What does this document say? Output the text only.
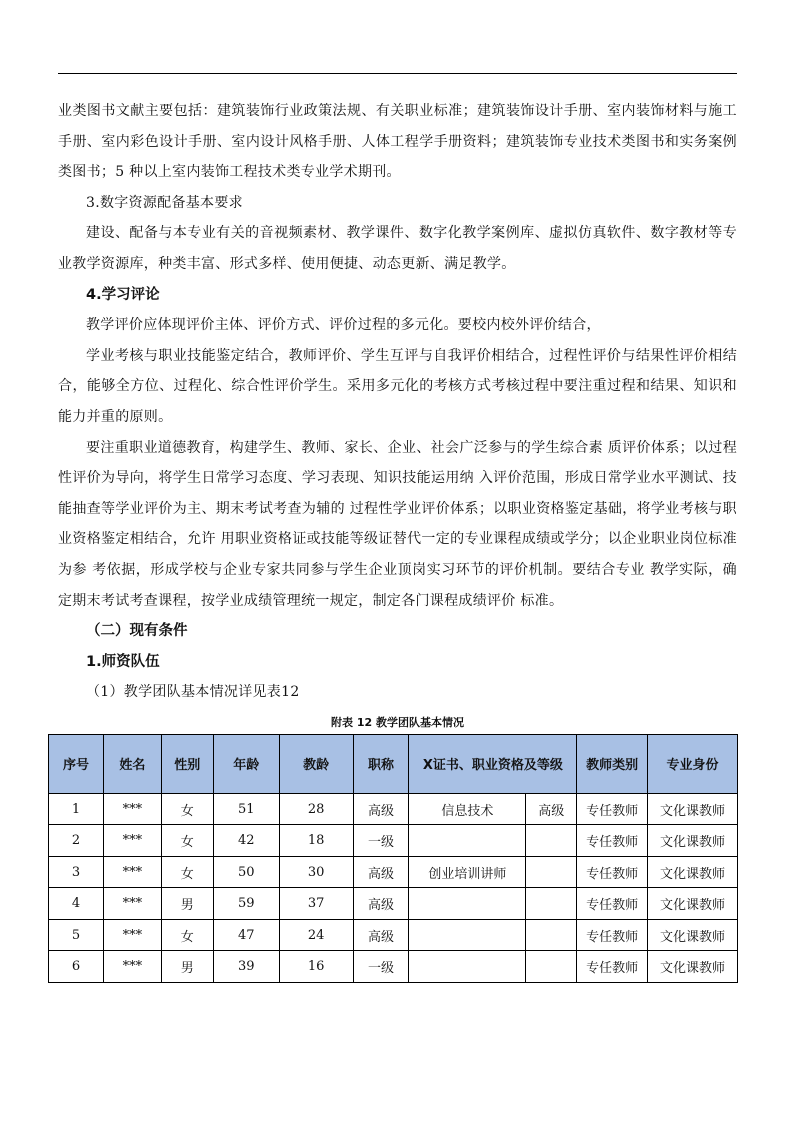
业类图书文献主要包括：建筑装饰行业政策法规、有关职业标准；建筑装饰设计手册、室内装饰材料与施工手册、室内彩色设计手册、室内设计风格手册、人体工程学手册资料；建筑装饰专业技术类图书和实务案例类图书；5 种以上室内装饰工程技术类专业学术期刊。

3.数字资源配备基本要求

建设、配备与本专业有关的音视频素材、教学课件、数字化教学案例库、虚拟仿真软件、数字教材等专业教学资源库，种类丰富、形式多样、使用便捷、动态更新、满足教学。

4.学习评论

教学评价应体现评价主体、评价方式、评价过程的多元化。要校内校外评价结合，

学业考核与职业技能鉴定结合，教师评价、学生互评与自我评价相结合，过程性评价与结果性评价相结合，能够全方位、过程化、综合性评价学生。采用多元化的考核方式考核过程中要注重过程和结果、知识和能力并重的原则。

要注重职业道德教育，构建学生、教师、家长、企业、社会广泛参与的学生综合素 质评价体系；以过程性评价为导向，将学生日常学习态度、学习表现、知识技能运用纳 入评价范围，形成日常学业水平测试、技能抽查等学业评价为主、期末考试考查为辅的 过程性学业评价体系；以职业资格鉴定基础，将学业考核与职业资格鉴定相结合，允许 用职业资格证或技能等级证替代一定的专业课程成绩或学分；以企业职业岗位标准为参 考依据，形成学校与企业专家共同参与学生企业顶岗实习环节的评价机制。要结合专业 教学实际，确定期末考试考查课程，按学业成绩管理统一规定，制定各门课程成绩评价 标准。

（二）现有条件

1.师资队伍

（1）教学团队基本情况详见表12

附表 12 教学团队基本情况
序号	姓名	性别	年龄	教龄	职称	X证书、职业资格及等级		教师类别	专业身份
1	***	女	51	28	高级	信息技术	高级	专任教师	文化课教师
2	***	女	42	18	一级			专任教师	文化课教师
3	***	女	50	30	高级	创业培训讲师		专任教师	文化课教师
4	***	男	59	37	高级			专任教师	文化课教师
5	***	女	47	24	高级			专任教师	文化课教师
6	***	男	39	16	一级			专任教师	文化课教师
